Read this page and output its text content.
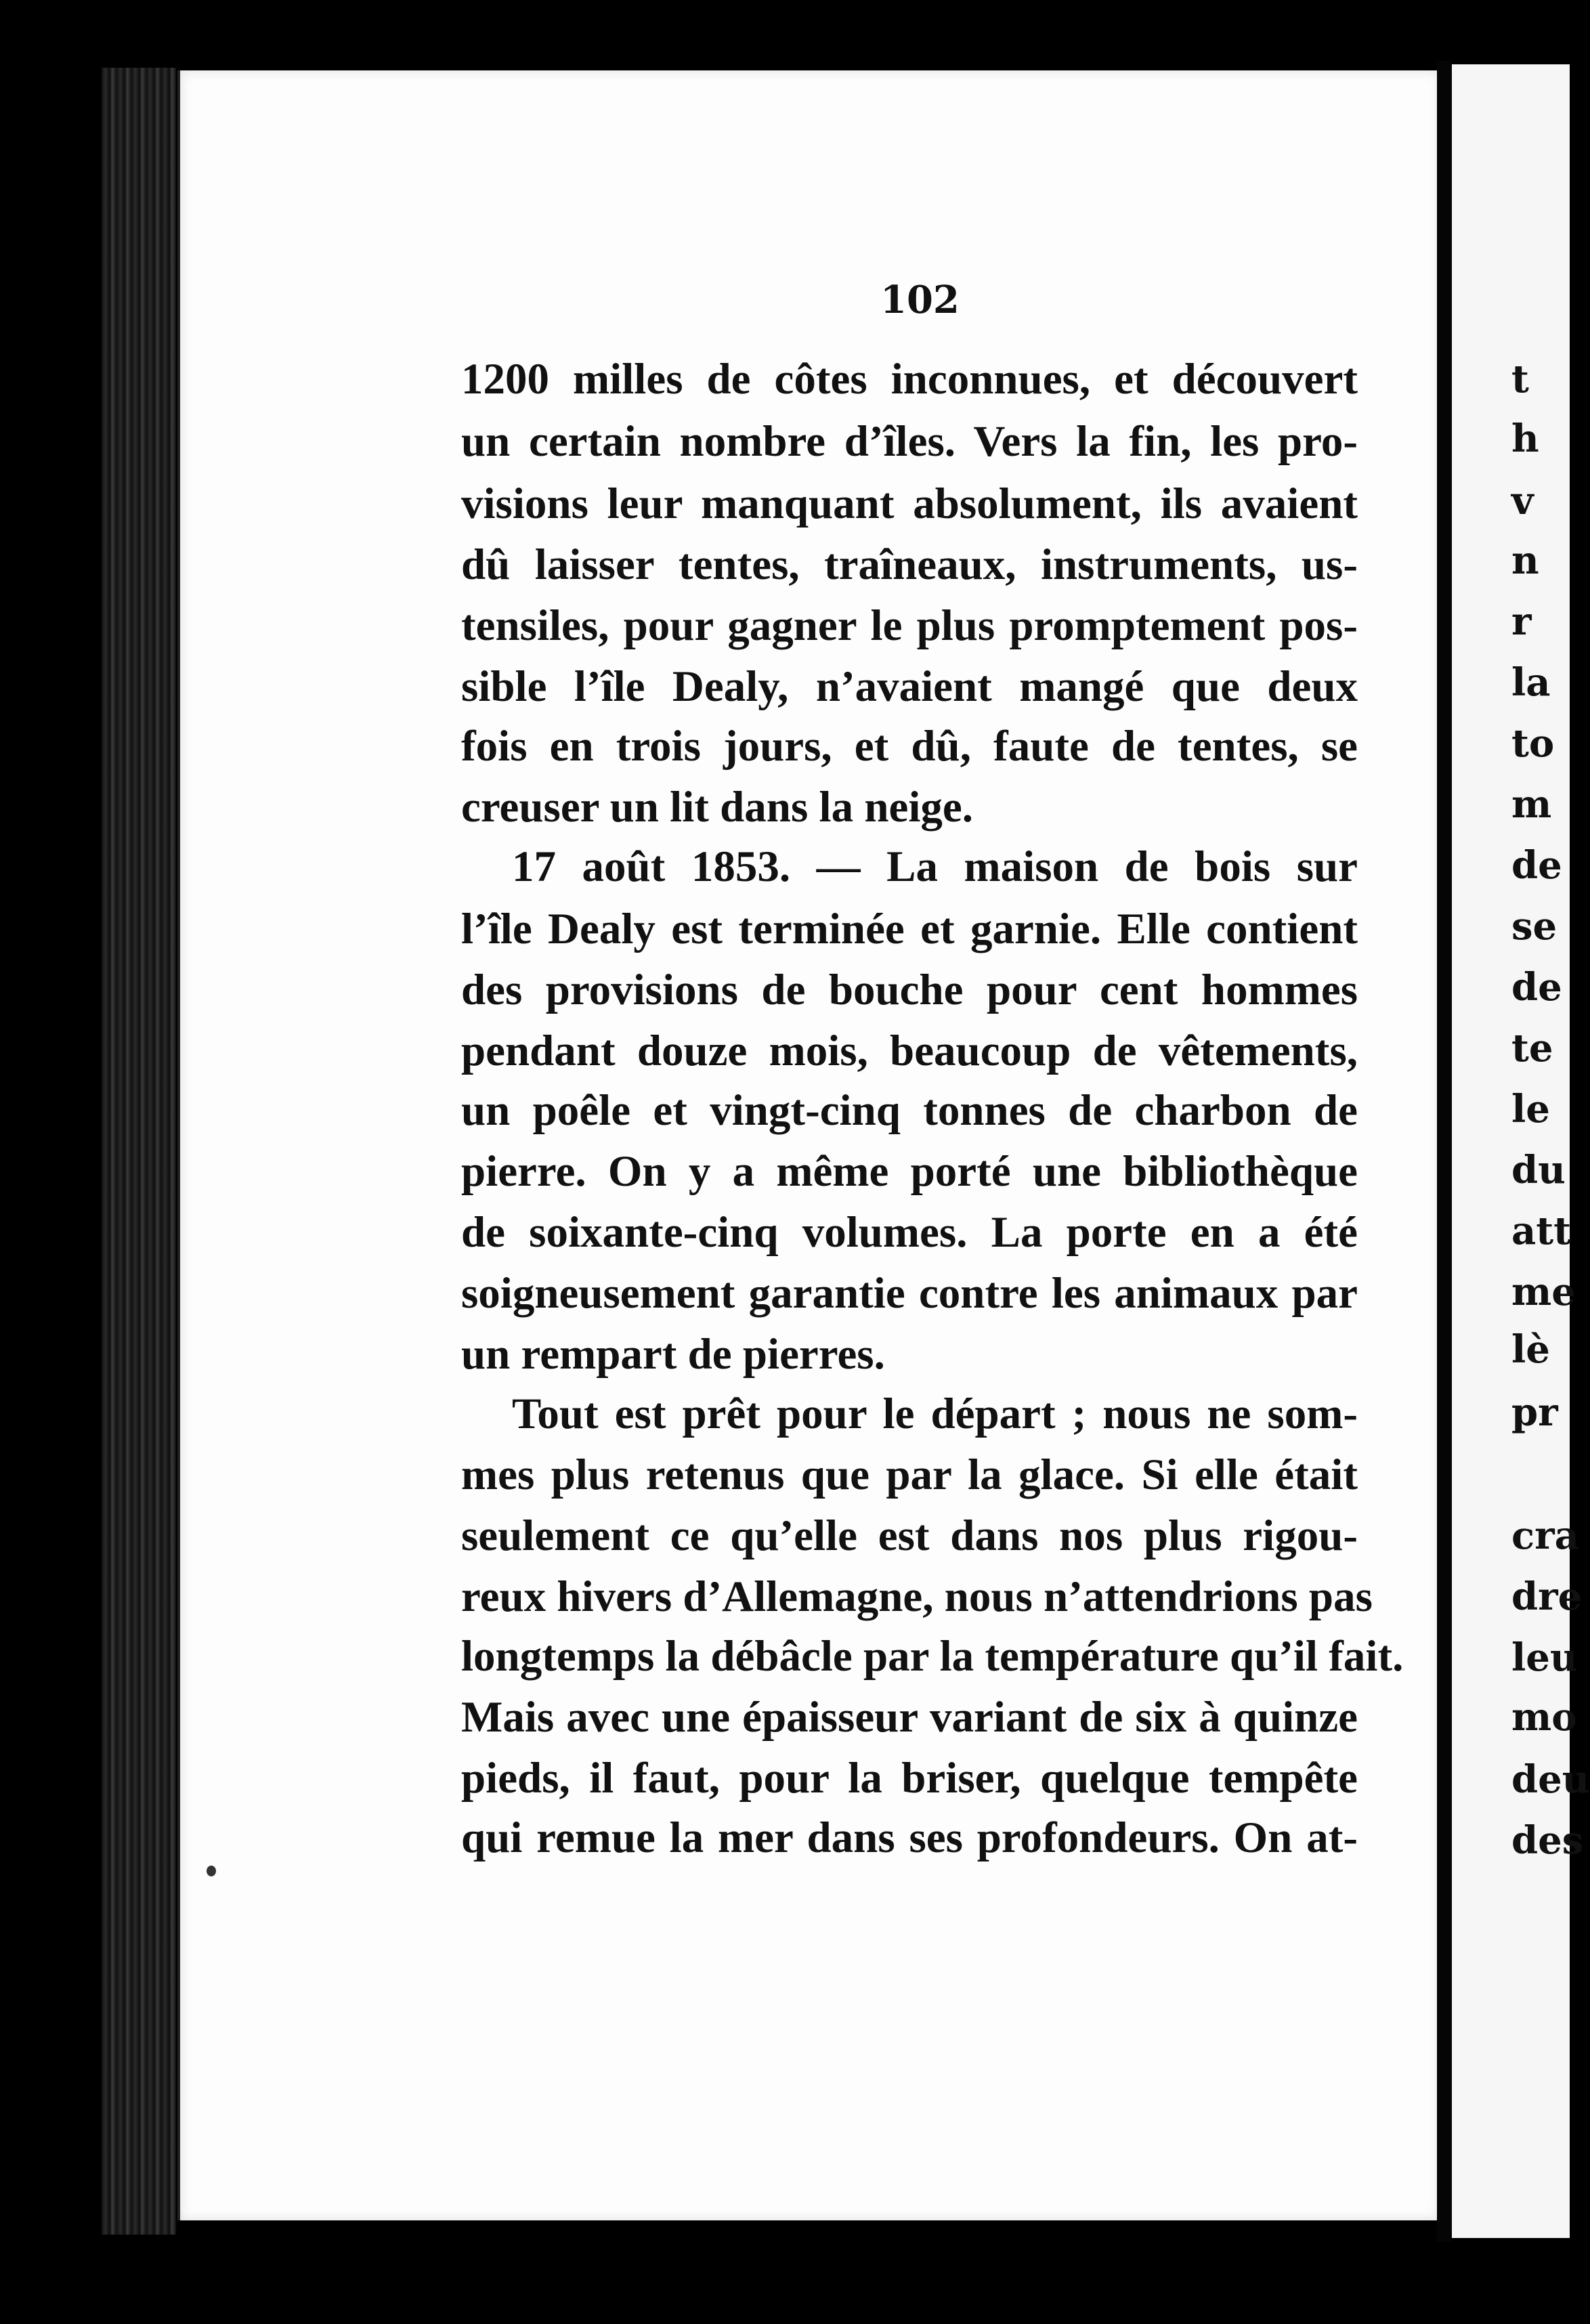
102
1200 milles de côtes inconnues, et découvert
un certain nombre d’îles. Vers la fin, les pro-
visions leur manquant absolument, ils avaient
dû laisser tentes, traîneaux, instruments, us-
tensiles, pour gagner le plus promptement pos-
sible l’île Dealy, n’avaient mangé que deux
fois en trois jours, et dû, faute de tentes, se
creuser un lit dans la neige.
17 août 1853. — La maison de bois sur
l’île Dealy est terminée et garnie. Elle contient
des provisions de bouche pour cent hommes
pendant douze mois, beaucoup de vêtements,
un poêle et vingt-cinq tonnes de charbon de
pierre. On y a même porté une bibliothèque
de soixante-cinq volumes. La porte en a été
soigneusement garantie contre les animaux par
un rempart de pierres.
Tout est prêt pour le départ ; nous ne som-
mes plus retenus que par la glace. Si elle était
seulement ce qu’elle est dans nos plus rigou-
reux hivers d’Allemagne, nous n’attendrions pas
longtemps la débâcle par la température qu’il fait.
Mais avec une épaisseur variant de six à quinze
pieds, il faut, pour la briser, quelque tempête
qui remue la mer dans ses profondeurs. On at-
t
h
v
n
r
la
to
m
de
se
de
te
le
du
att
me
lè
pr
cra
dre
leu
mo
deu
des
